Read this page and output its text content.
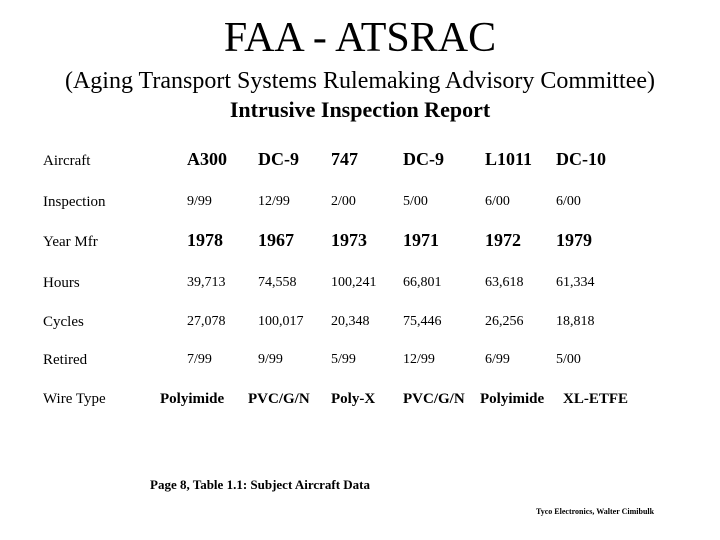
FAA - ATSRAC
(Aging Transport Systems Rulemaking Advisory Committee)
Intrusive Inspection Report
Aircraft	A300 DC-9 747	DC-9 L1011 DC-10
Inspection	9/99	12/99	2/00	5/00	6/00	6/00
Year Mfr	1978 1967 1973 1971	1972 1979
Hours	39,713 74,558 100,241 66,801	63,618 61,334
Cycles	27,078 100,017 20,348 75,446	26,256 18,818
Retired	7/99	9/99	5/99	12/99	6/99	5/00
Wire Type	Polyimide PVC/G/N Poly-X PVC/G/N Polyimide XL-ETFE
Page 8, Table 1.1: Subject Aircraft Data
Tyco Electronics, Walter Cimibulk
